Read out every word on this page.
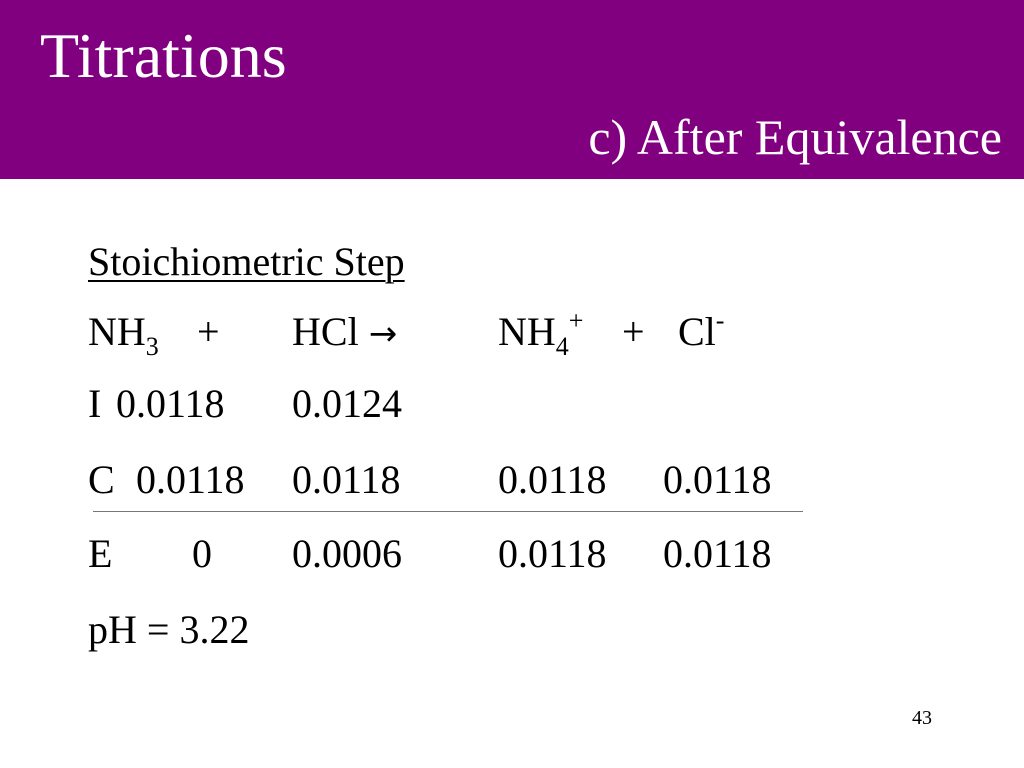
Titrations
c) After Equivalence
Stoichiometric Step
$NH_3$ + HCl →	$NH_4^+ + Cl^-$
I 0.0118 0.0124
C 0.0118 0.0118 0.0118 0.0118
E 0 0.0006 0.0118 0.0118
pH = 3.22
43
